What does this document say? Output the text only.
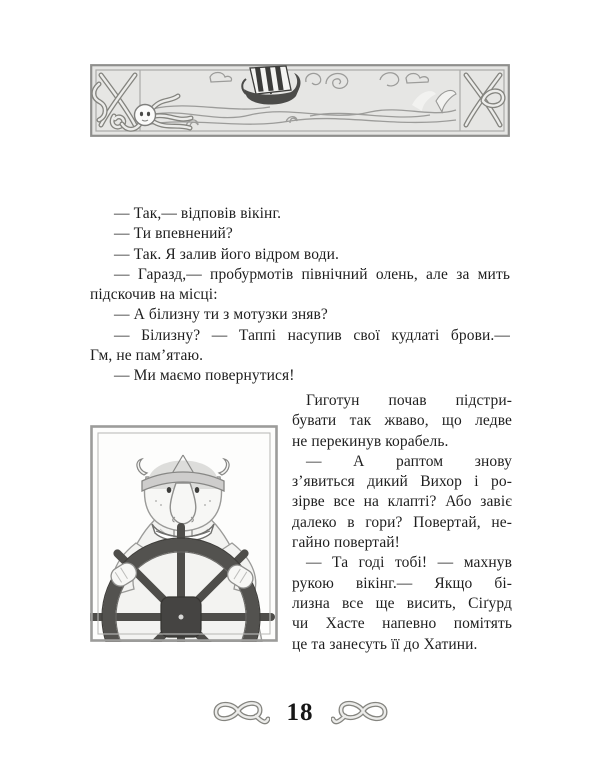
— Так,— відповів вікінг.
— Ти впевнений?
— Так. Я залив його відром води.
— Гаразд,— пробурмотів північний олень, але за мить
підскочив на місці:
— А білизну ти з мотузки зняв?
— Білизну? — Таппі насупив свої кудлаті брови.—
Гм, не пам’ятаю.
— Ми маємо повернутися!
Гиготун почав підстри-
бувати так жваво, що ледве
не перекинув корабель.
— А раптом знову
з’явиться дикий Вихор і ро-
зірве все на клапті? Або завіє
далеко в гори? Повертай, не-
гайно повертай!
— Та годі тобі! — махнув
рукою вікінг.— Якщо бі-
лизна все ще висить, Сіґурд
чи Хасте напевно помітять
це та занесуть її до Хатини.
18
